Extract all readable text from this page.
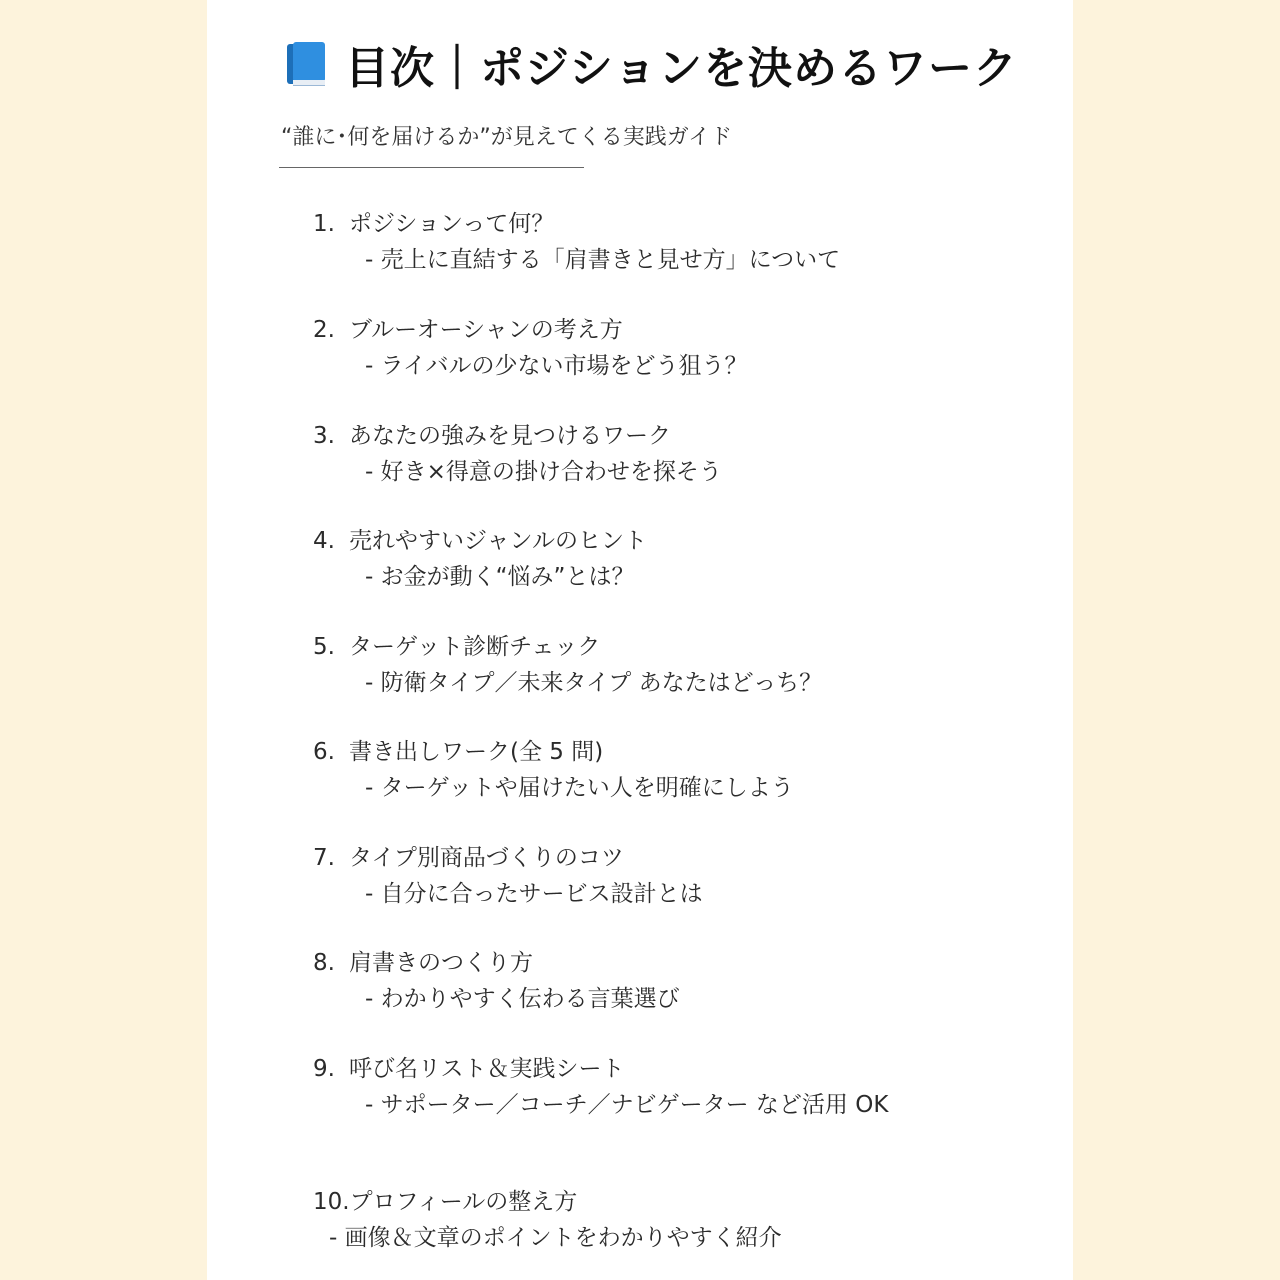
目次｜ポジションを決めるワーク
“誰に･何を届けるか”が見えてくる実践ガイド
1. ポジションって何？
- 売上に直結する「肩書きと見せ方」について
2. ブルーオーシャンの考え方
- ライバルの少ない市場をどう狙う？
3. あなたの強みを見つけるワーク
- 好き×得意の掛け合わせを探そう
4. 売れやすいジャンルのヒント
- お金が動く“悩み”とは？
5. ターゲット診断チェック
- 防衛タイプ／未来タイプ あなたはどっち？
6. 書き出しワーク(全 5 問)
- ターゲットや届けたい人を明確にしよう
7. タイプ別商品づくりのコツ
- 自分に合ったサービス設計とは
8. 肩書きのつくり方
- わかりやすく伝わる言葉選び
9. 呼び名リスト＆実践シート
- サポーター／コーチ／ナビゲーター など活用 OK
10. プロフィールの整え方
- 画像＆文章のポイントをわかりやすく紹介
